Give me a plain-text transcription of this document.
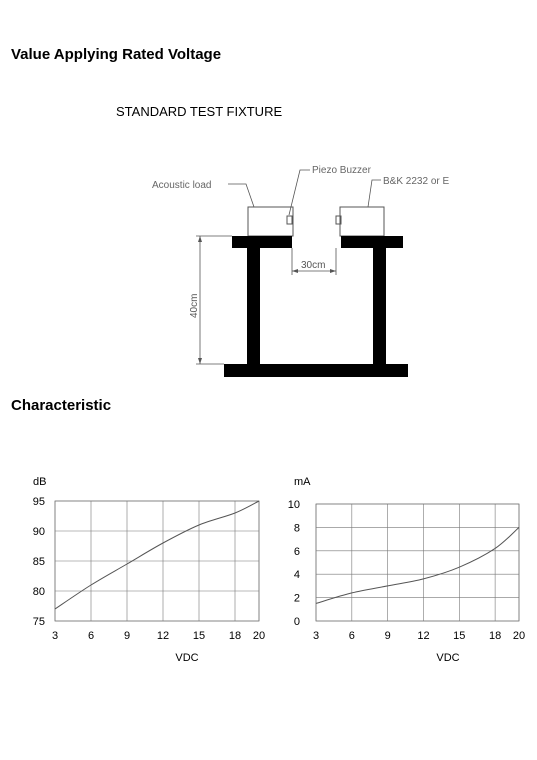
Value Applying Rated Voltage
STANDARD TEST FIXTURE
30cm
40cm
Acoustic load
Piezo Buzzer
B&K 2232 or E
Characteristic
dB
95
90
85
80
75
3	6	9 12 15 18 20
VDC
mA
10
8
6
4
2
0
3	6	9 12 15 18 20
VDC
